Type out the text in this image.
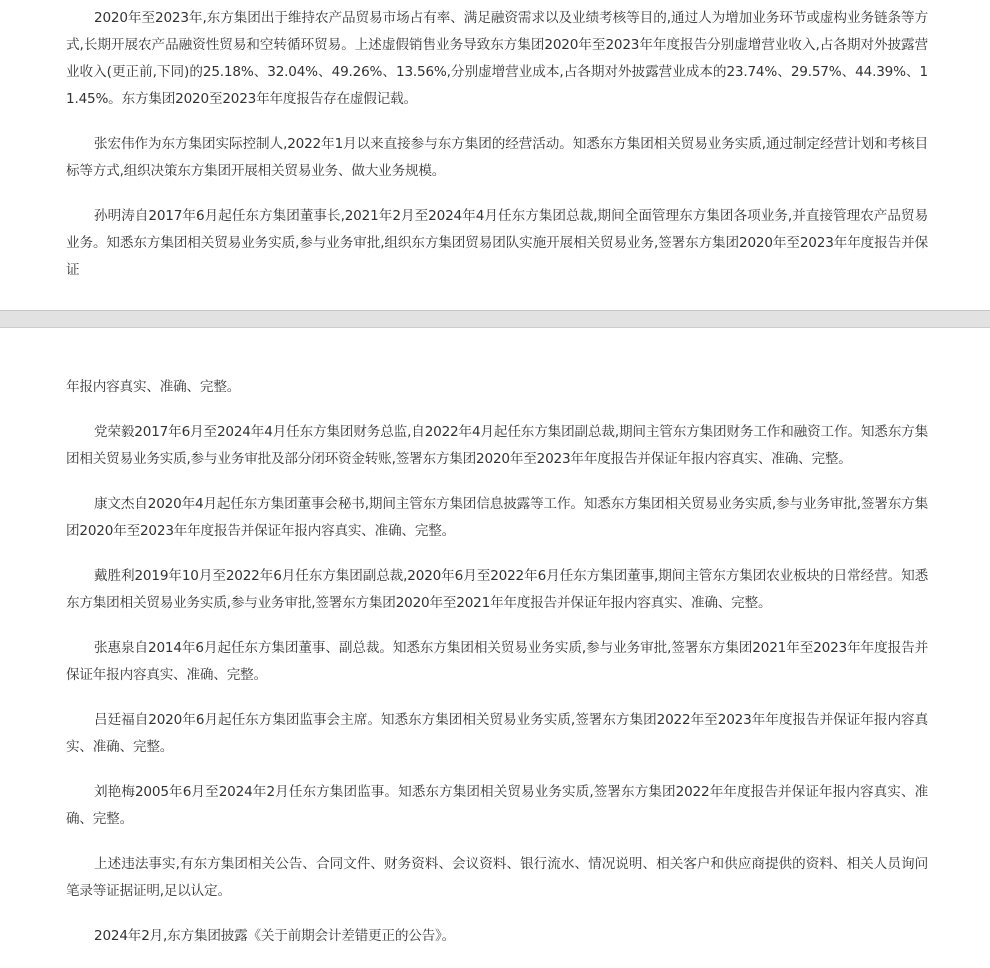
2020年至2023年,东方集团出于维持农产品贸易市场占有率、满足融资需求以及业绩考核等目的,通过人为增加业务环节或虚构业务链条等方式,长期开展农产品融资性贸易和空转循环贸易。上述虚假销售业务导致东方集团2020年至2023年年度报告分别虚增营业收入,占各期对外披露营业收入(更正前,下同)的25.18%、32.04%、49.26%、13.56%,分别虚增营业成本,占各期对外披露营业成本的23.74%、29.57%、44.39%、11.45%。东方集团2020至2023年年度报告存在虚假记载。

张宏伟作为东方集团实际控制人,2022年1月以来直接参与东方集团的经营活动。知悉东方集团相关贸易业务实质,通过制定经营计划和考核目标等方式,组织决策东方集团开展相关贸易业务、做大业务规模。

孙明涛自2017年6月起任东方集团董事长,2021年2月至2024年4月任东方集团总裁,期间全面管理东方集团各项业务,并直接管理农产品贸易业务。知悉东方集团相关贸易业务实质,参与业务审批,组织东方集团贸易团队实施开展相关贸易业务,签署东方集团2020年至2023年年度报告并保证

年报内容真实、准确、完整。

党荣毅2017年6月至2024年4月任东方集团财务总监,自2022年4月起任东方集团副总裁,期间主管东方集团财务工作和融资工作。知悉东方集团相关贸易业务实质,参与业务审批及部分闭环资金转账,签署东方集团2020年至2023年年度报告并保证年报内容真实、准确、完整。

康文杰自2020年4月起任东方集团董事会秘书,期间主管东方集团信息披露等工作。知悉东方集团相关贸易业务实质,参与业务审批,签署东方集团2020年至2023年年度报告并保证年报内容真实、准确、完整。

戴胜利2019年10月至2022年6月任东方集团副总裁,2020年6月至2022年6月任东方集团董事,期间主管东方集团农业板块的日常经营。知悉东方集团相关贸易业务实质,参与业务审批,签署东方集团2020年至2021年年度报告并保证年报内容真实、准确、完整。

张惠泉自2014年6月起任东方集团董事、副总裁。知悉东方集团相关贸易业务实质,参与业务审批,签署东方集团2021年至2023年年度报告并保证年报内容真实、准确、完整。

吕廷福自2020年6月起任东方集团监事会主席。知悉东方集团相关贸易业务实质,签署东方集团2022年至2023年年度报告并保证年报内容真实、准确、完整。

刘艳梅2005年6月至2024年2月任东方集团监事。知悉东方集团相关贸易业务实质,签署东方集团2022年年度报告并保证年报内容真实、准确、完整。

上述违法事实,有东方集团相关公告、合同文件、财务资料、会议资料、银行流水、情况说明、相关客户和供应商提供的资料、相关人员询问笔录等证据证明,足以认定。

2024年2月,东方集团披露《关于前期会计差错更正的公告》。
